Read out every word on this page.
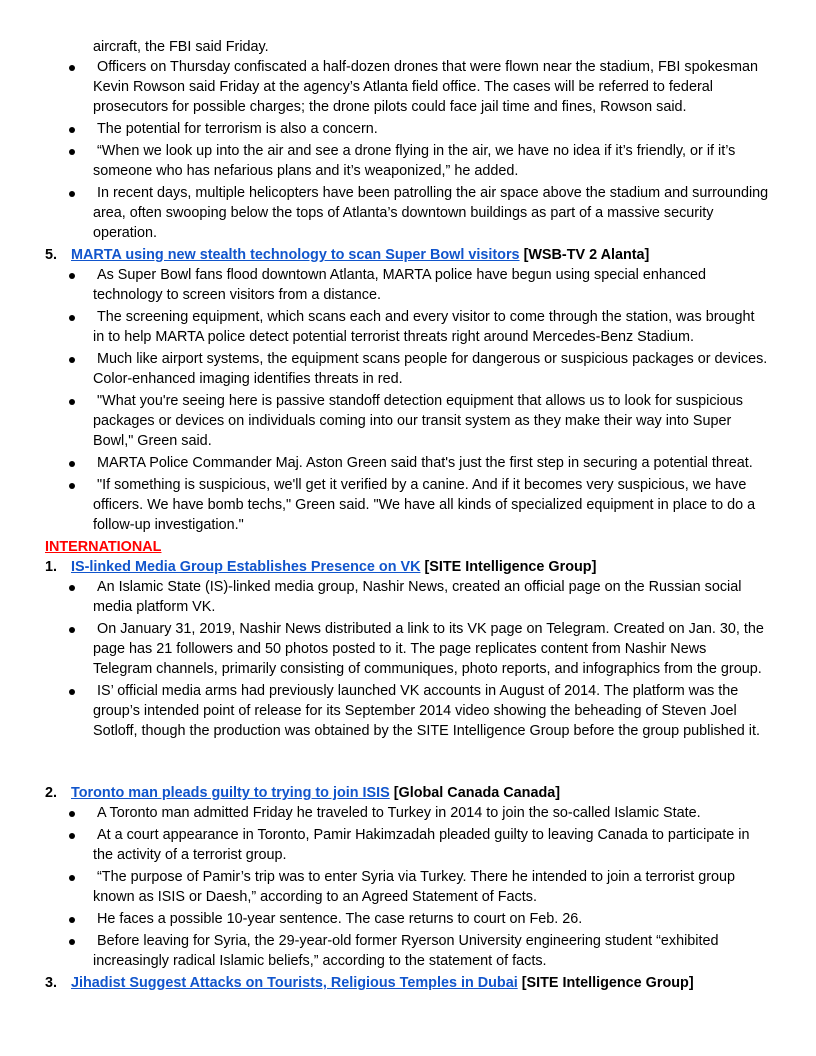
aircraft, the FBI said Friday.
Officers on Thursday confiscated a half-dozen drones that were flown near the stadium, FBI spokesman Kevin Rowson said Friday at the agency’s Atlanta field office. The cases will be referred to federal prosecutors for possible charges; the drone pilots could face jail time and fines, Rowson said.
The potential for terrorism is also a concern.
“When we look up into the air and see a drone flying in the air, we have no idea if it’s friendly, or if it’s someone who has nefarious plans and it’s weaponized,” he added.
In recent days, multiple helicopters have been patrolling the air space above the stadium and surrounding area, often swooping below the tops of Atlanta’s downtown buildings as part of a massive security operation.
5. MARTA using new stealth technology to scan Super Bowl visitors [WSB-TV 2 Alanta]
As Super Bowl fans flood downtown Atlanta, MARTA police have begun using special enhanced technology to screen visitors from a distance.
The screening equipment, which scans each and every visitor to come through the station, was brought in to help MARTA police detect potential terrorist threats right around Mercedes-Benz Stadium.
Much like airport systems, the equipment scans people for dangerous or suspicious packages or devices. Color-enhanced imaging identifies threats in red.
"What you're seeing here is passive standoff detection equipment that allows us to look for suspicious packages or devices on individuals coming into our transit system as they make their way into Super Bowl," Green said.
MARTA Police Commander Maj. Aston Green said that's just the first step in securing a potential threat.
"If something is suspicious, we'll get it verified by a canine. And if it becomes very suspicious, we have officers. We have bomb techs," Green said. "We have all kinds of specialized equipment in place to do a follow-up investigation."
INTERNATIONAL
1. IS-linked Media Group Establishes Presence on VK [SITE Intelligence Group]
An Islamic State (IS)-linked media group, Nashir News, created an official page on the Russian social media platform VK.
On January 31, 2019, Nashir News distributed a link to its VK page on Telegram. Created on Jan. 30, the page has 21 followers and 50 photos posted to it. The page replicates content from Nashir News Telegram channels, primarily consisting of communiques, photo reports, and infographics from the group.
IS’ official media arms had previously launched VK accounts in August of 2014. The platform was the group’s intended point of release for its September 2014 video showing the beheading of Steven Joel Sotloff, though the production was obtained by the SITE Intelligence Group before the group published it.
2. Toronto man pleads guilty to trying to join ISIS [Global Canada Canada]
A Toronto man admitted Friday he traveled to Turkey in 2014 to join the so-called Islamic State.
At a court appearance in Toronto, Pamir Hakimzadah pleaded guilty to leaving Canada to participate in the activity of a terrorist group.
“The purpose of Pamir’s trip was to enter Syria via Turkey. There he intended to join a terrorist group known as ISIS or Daesh,” according to an Agreed Statement of Facts.
He faces a possible 10-year sentence. The case returns to court on Feb. 26.
Before leaving for Syria, the 29-year-old former Ryerson University engineering student “exhibited increasingly radical Islamic beliefs,” according to the statement of facts.
3. Jihadist Suggest Attacks on Tourists, Religious Temples in Dubai [SITE Intelligence Group]
